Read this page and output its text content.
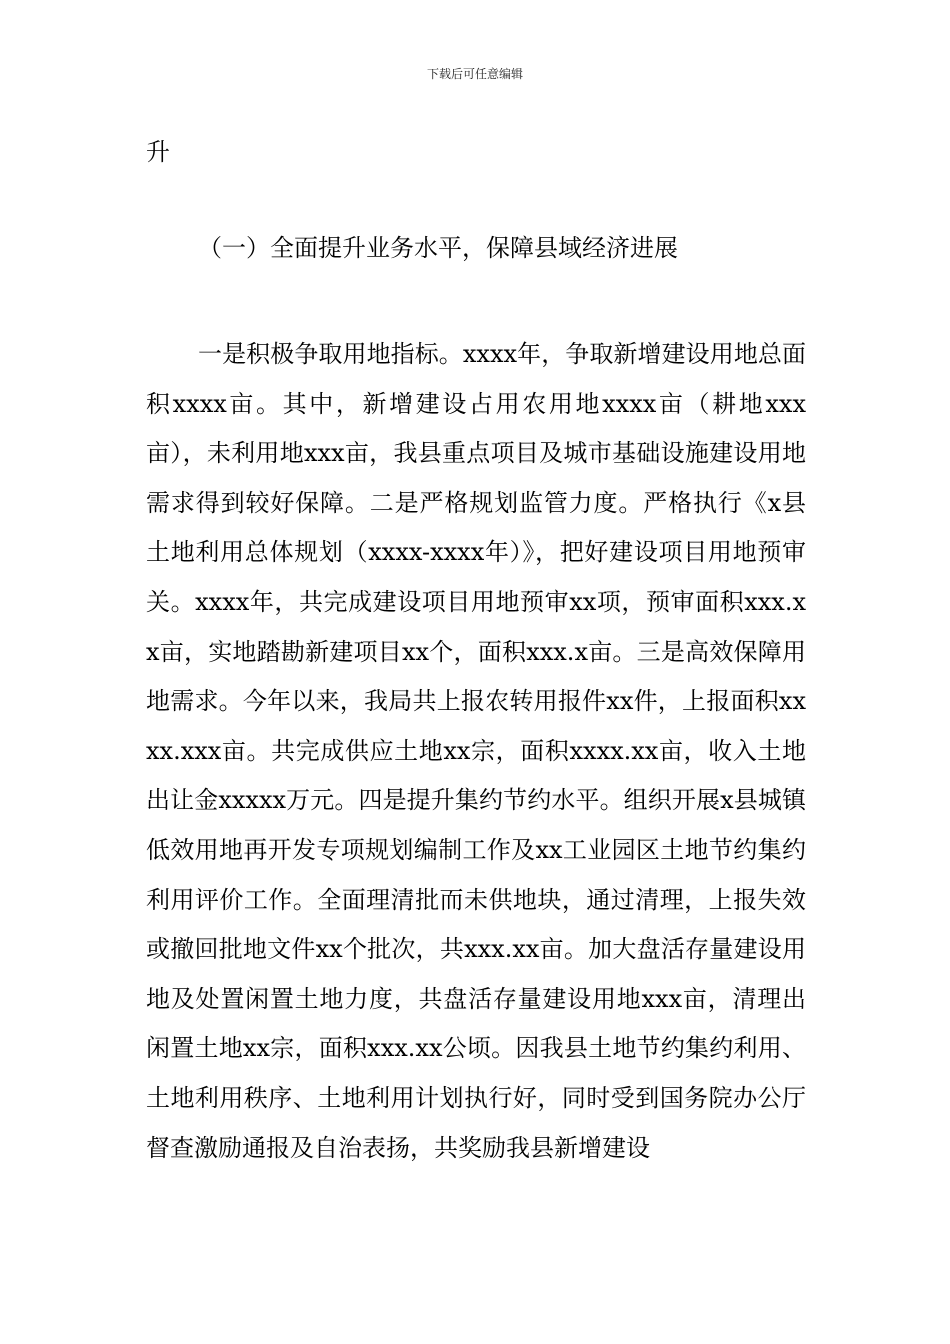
下载后可任意编辑
升
（一）全面提升业务水平，保障县域经济进展

一是积极争取用地指标。xxxx年，争取新增建设用地总面积xxxx亩。其中，新增建设占用农用地xxxx亩（耕地xxx亩），未利用地xxx亩，我县重点项目及城市基础设施建设用地需求得到较好保障。二是严格规划监管力度。严格执行《x县土地利用总体规划（xxxx-xxxx年）》，把好建设项目用地预审关。xxxx年，共完成建设项目用地预审xx项，预审面积xxx.xx亩，实地踏勘新建项目xx个，面积xxx.x亩。三是高效保障用地需求。今年以来，我局共上报农转用报件xx件，上报面积xxxx.xxx亩。共完成供应土地xx宗，面积xxxx.xx亩，收入土地出让金xxxxx万元。四是提升集约节约水平。组织开展x县城镇低效用地再开发专项规划编制工作及xx工业园区土地节约集约利用评价工作。全面理清批而未供地块，通过清理，上报失效或撤回批地文件xx个批次，共xxx.xx亩。加大盘活存量建设用地及处置闲置土地力度，共盘活存量建设用地xxx亩，清理出闲置土地xx宗，面积xxx.xx公顷。因我县土地节约集约利用、土地利用秩序、土地利用计划执行好，同时受到国务院办公厅督查激励通报及自治表扬，共奖励我县新增建设
